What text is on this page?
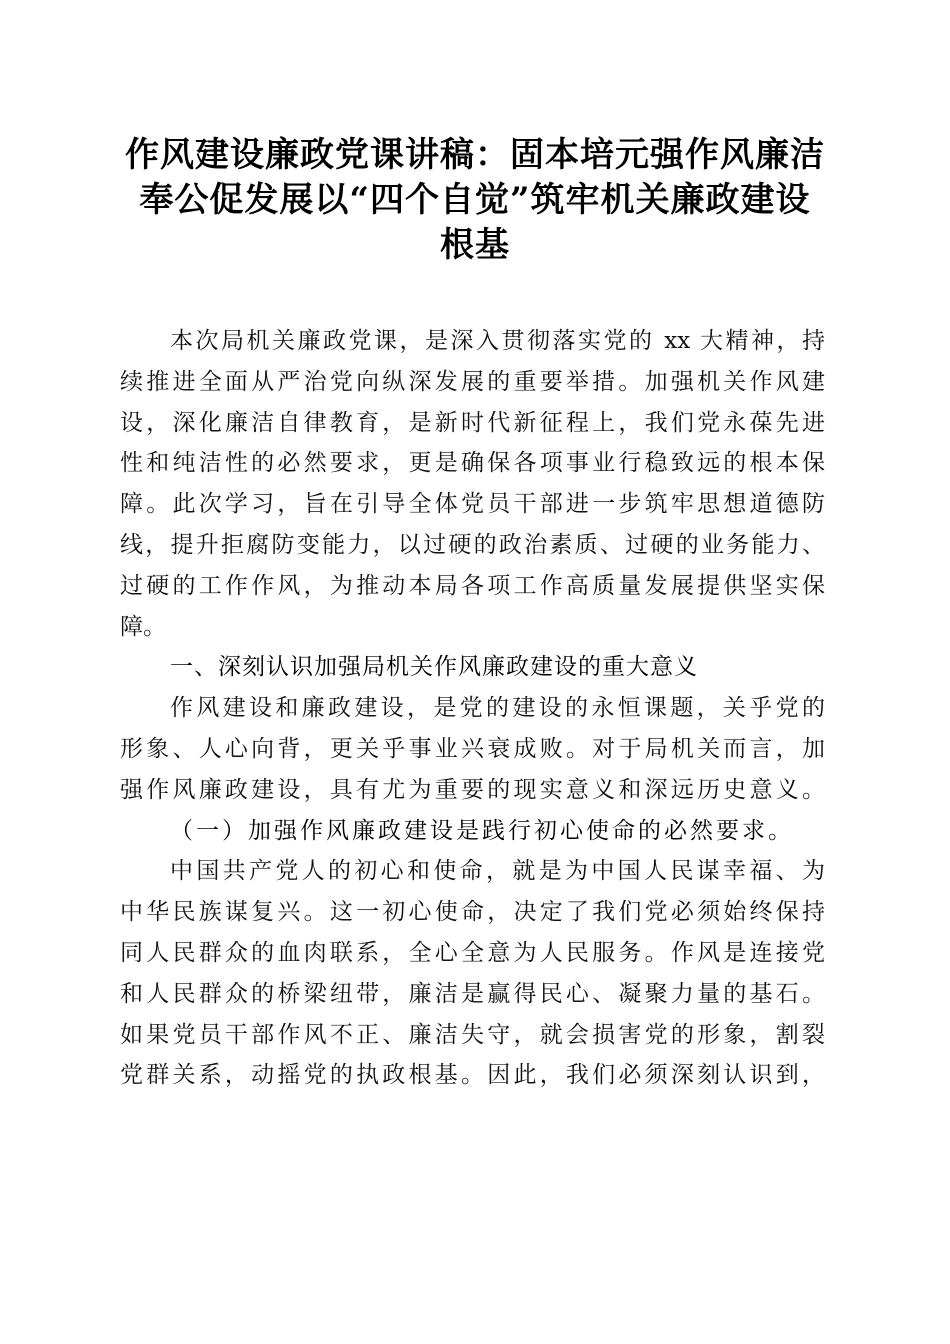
作风建设廉政党课讲稿：固本培元强作风廉洁
奉公促发展以“四个自觉”筑牢机关廉政建设
根基
本次局机关廉政党课，是深入贯彻落实党的 xx 大精神，持
续推进全面从严治党向纵深发展的重要举措。加强机关作风建
设，深化廉洁自律教育，是新时代新征程上，我们党永葆先进
性和纯洁性的必然要求，更是确保各项事业行稳致远的根本保
障。此次学习，旨在引导全体党员干部进一步筑牢思想道德防
线，提升拒腐防变能力，以过硬的政治素质、过硬的业务能力、
过硬的工作作风，为推动本局各项工作高质量发展提供坚实保
障。
一、深刻认识加强局机关作风廉政建设的重大意义
作风建设和廉政建设，是党的建设的永恒课题，关乎党的
形象、人心向背，更关乎事业兴衰成败。对于局机关而言，加
强作风廉政建设，具有尤为重要的现实意义和深远历史意义。
（一）加强作风廉政建设是践行初心使命的必然要求。
中国共产党人的初心和使命，就是为中国人民谋幸福、为
中华民族谋复兴。这一初心使命，决定了我们党必须始终保持
同人民群众的血肉联系，全心全意为人民服务。作风是连接党
和人民群众的桥梁纽带，廉洁是赢得民心、凝聚力量的基石。
如果党员干部作风不正、廉洁失守，就会损害党的形象，割裂
党群关系，动摇党的执政根基。因此，我们必须深刻认识到，
